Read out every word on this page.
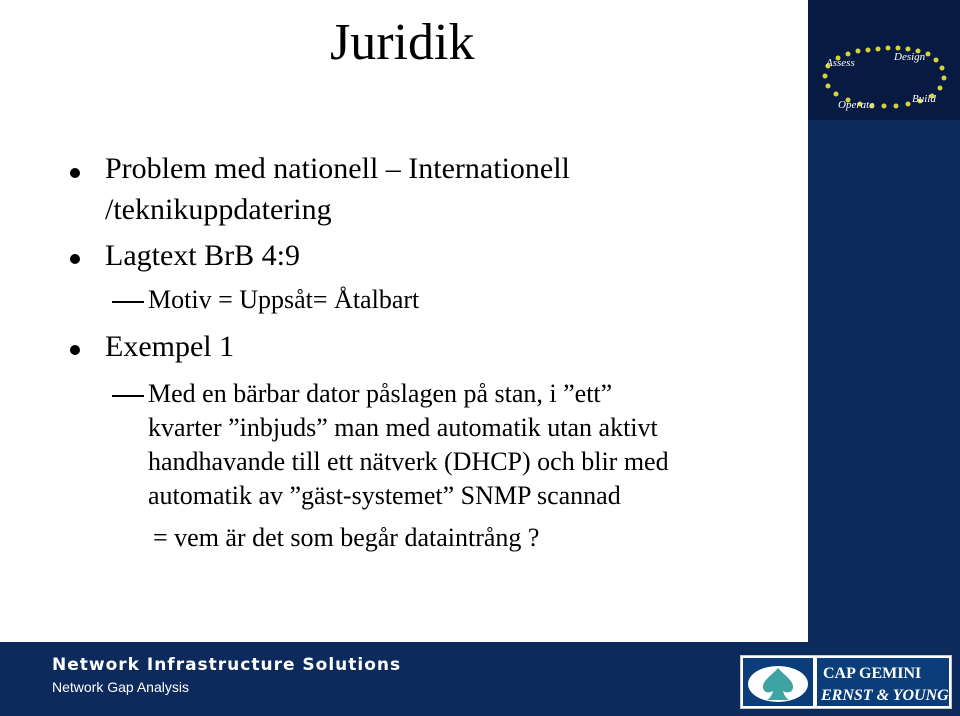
Juridik	Assess	Design
Operate	Build
Problem med nationell – Internationell
/teknikuppdatering
Lagtext BrB 4:9
Motiv = Uppsåt= Åtalbart
Exempel 1
Med en bärbar dator påslagen på stan, i ”ett”
kvarter ”inbjuds” man med automatik utan aktivt
handhavande till ett nätverk (DHCP) och blir med
automatik av ”gäst-systemet” SNMP scannad
= vem är det som begår dataintrång ?
Network Infrastructure Solutions
Network Gap Analysis
CAP GEMINI
ERNST & YOUNG
